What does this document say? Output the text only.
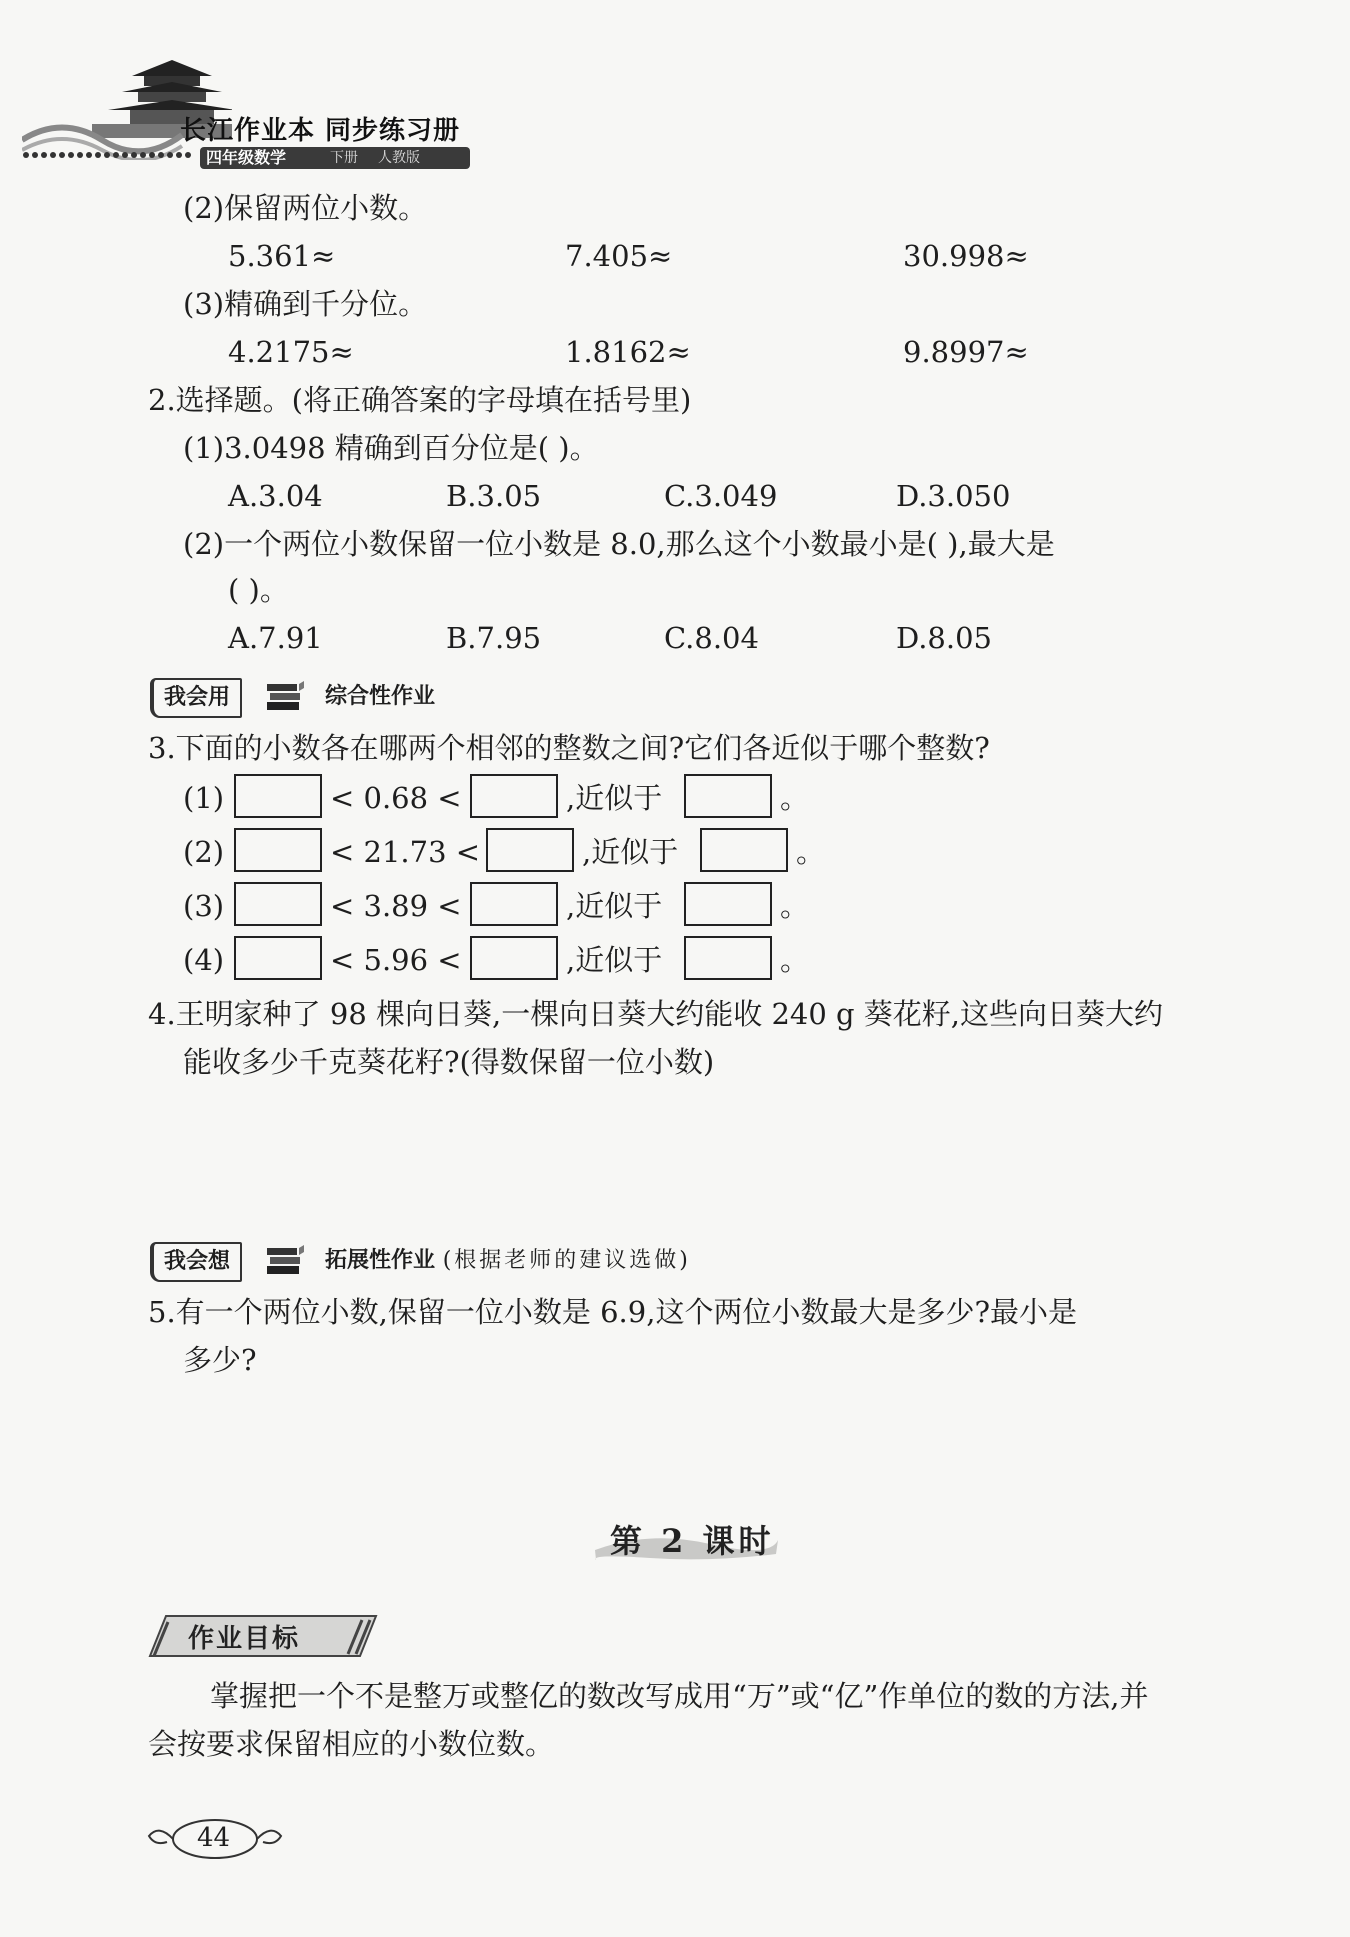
长江作业本 同步练习册
四年级数学	下册 人教版
(2)保留两位小数。
5.361≈	7.405≈	30.998≈
(3)精确到千分位。
4.2175≈	1.8162≈	9.8997≈
2.选择题。(将正确答案的字母填在括号里)
(1)3.0498 精确到百分位是( )。
A.3.04	B.3.05	C.3.049	D.3.050
(2)一个两位小数保留一位小数是 8.0,那么这个小数最小是( ),最大是
( )。
A.7.91	B.7.95	C.8.04	D.8.05
我会用	综合性作业
3.下面的小数各在哪两个相邻的整数之间?它们各近似于哪个整数?
(1)	< 0.68 <	,近似于	。
(2)	< 21.73 <	,近似于	。
(3)	< 3.89 <	,近似于	。
(4)	< 5.96 <	,近似于	。
4.王明家种了 98 棵向日葵,一棵向日葵大约能收 240 g 葵花籽,这些向日葵大约
能收多少千克葵花籽?(得数保留一位小数)
我会想	拓展性作业 (根据老师的建议选做)
5.有一个两位小数,保留一位小数是 6.9,这个两位小数最大是多少?最小是
多少?
第 2 课时
作业目标
掌握把一个不是整万或整亿的数改写成用“万”或“亿”作单位的数的方法,并
会按要求保留相应的小数位数。
44
